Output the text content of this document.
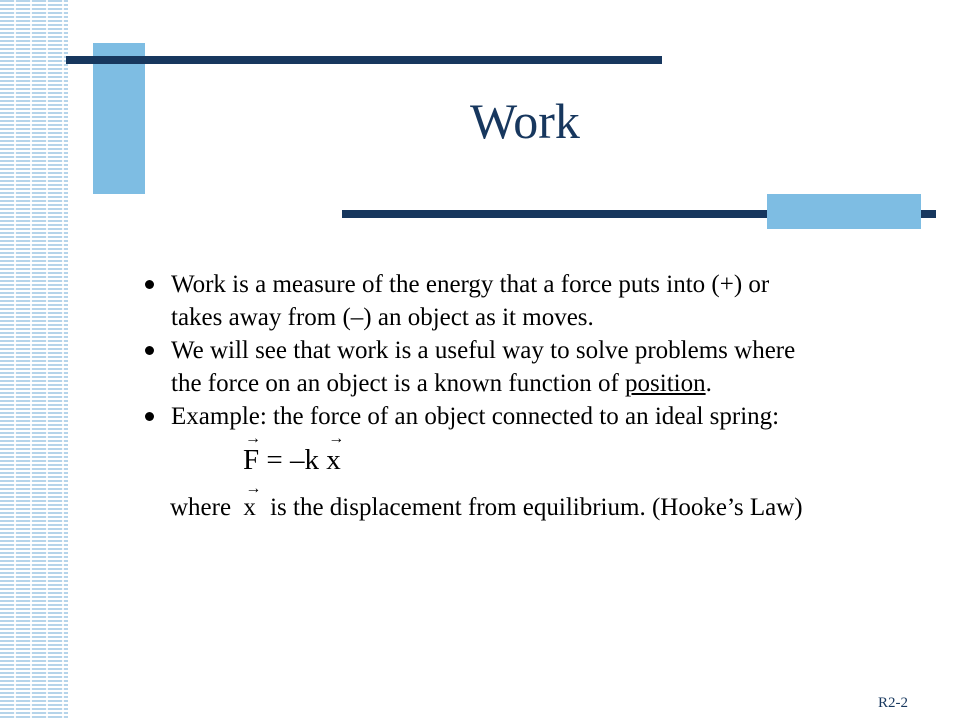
Work
Work is a measure of the energy that a force puts into (+) or
takes away from (–) an object as it moves.
We will see that work is a useful way to solve problems where
the force on an object is a known function of position.
Example: the force of an object connected to an ideal spring:
→ F = –k → x
where → x is the displacement from equilibrium. (Hooke’s Law)
R2-2
